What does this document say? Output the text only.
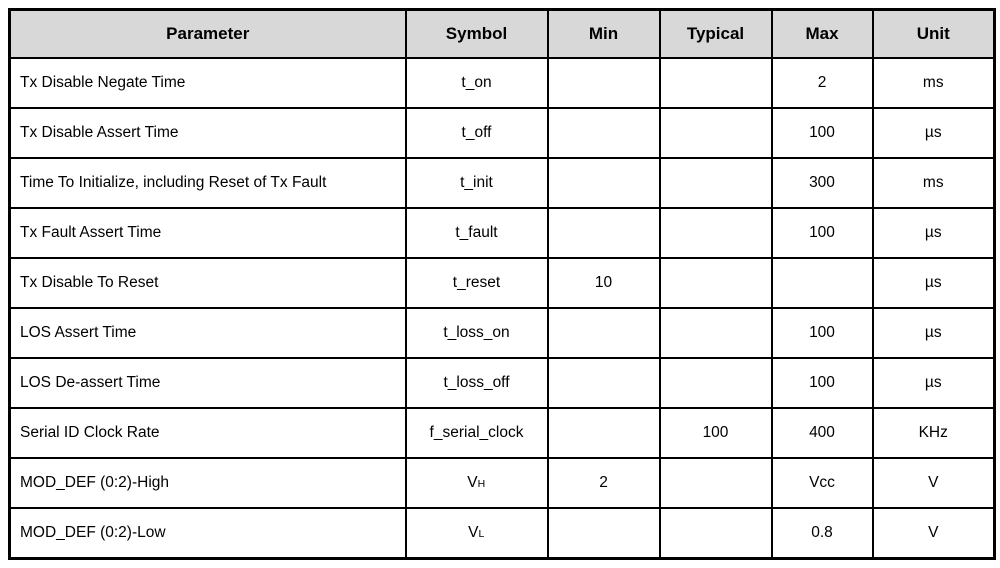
Parameter	Symbol	Min	Typical	Max	Unit
Tx Disable Negate Time	t_on			2	ms
Tx Disable Assert Time	t_off			100	µs
Time To Initialize, including Reset of Tx Fault	t_init			300	ms
Tx Fault Assert Time	t_fault			100	µs
Tx Disable To Reset	t_reset	10			µs
LOS Assert Time	t_loss_on			100	µs
LOS De-assert Time	t_loss_off			100	µs
Serial ID Clock Rate	f_serial_clock		100	400	KHz
MOD_DEF (0:2)-High	VH	2		Vcc	V
MOD_DEF (0:2)-Low	VL			0.8	V
